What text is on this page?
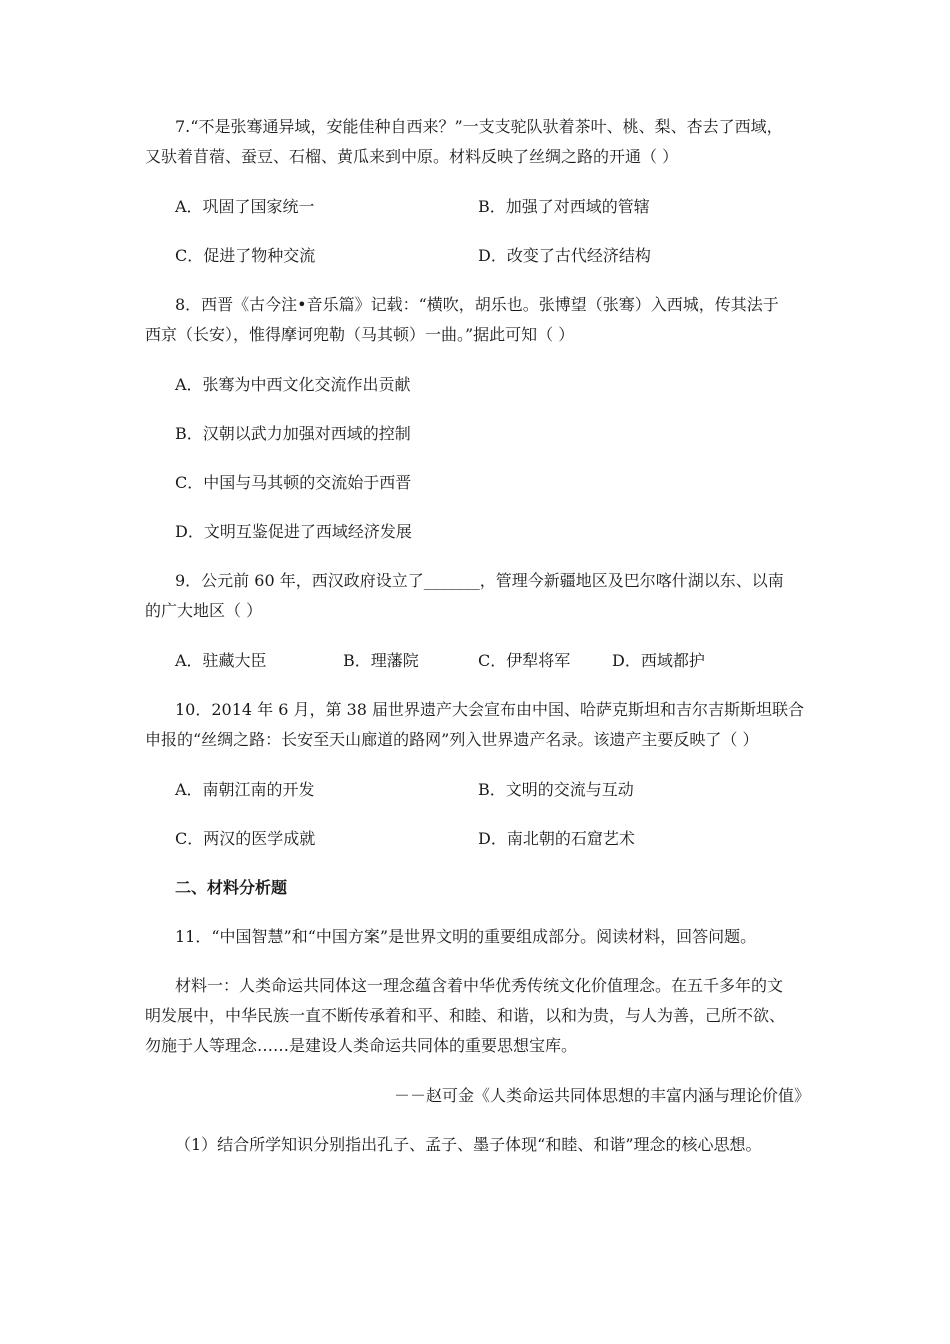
7.“不是张骞通异域，安能佳种自西来？”一支支驼队驮着茶叶、桃、梨、杏去了西域，
又驮着苜蓿、蚕豆、石榴、黄瓜来到中原。材料反映了丝绸之路的开通（ ）
A．巩固了国家统一	B．加强了对西域的管辖
C．促进了物种交流	D．改变了古代经济结构
8．西晋《古今注•音乐篇》记载：“横吹，胡乐也。张博望（张骞）入西城，传其法于
西京（长安），惟得摩诃兜勒（马其顿）一曲。”据此可知（ ）
A．张骞为中西文化交流作出贡献
B．汉朝以武力加强对西域的控制
C．中国与马其顿的交流始于西晋
D．文明互鉴促进了西域经济发展
9．公元前 60 年，西汉政府设立了_______，管理今新疆地区及巴尔喀什湖以东、以南
的广大地区（ ）
A．驻藏大臣	B．理藩院	C．伊犁将军	D．西域都护
10．2014 年 6 月，第 38 届世界遗产大会宣布由中国、哈萨克斯坦和吉尔吉斯斯坦联合
申报的“丝绸之路：长安至天山廊道的路网”列入世界遗产名录。该遗产主要反映了（ ）
A．南朝江南的开发	B．文明的交流与互动
C．两汉的医学成就	D．南北朝的石窟艺术
二、材料分析题
11．“中国智慧”和“中国方案”是世界文明的重要组成部分。阅读材料，回答问题。
材料一：人类命运共同体这一理念蕴含着中华优秀传统文化价值理念。在五千多年的文
明发展中，中华民族一直不断传承着和平、和睦、和谐，以和为贵，与人为善，己所不欲、
勿施于人等理念……是建设人类命运共同体的重要思想宝库。
－－赵可金《人类命运共同体思想的丰富内涵与理论价值》
（1）结合所学知识分别指出孔子、孟子、墨子体现“和睦、和谐”理念的核心思想。
